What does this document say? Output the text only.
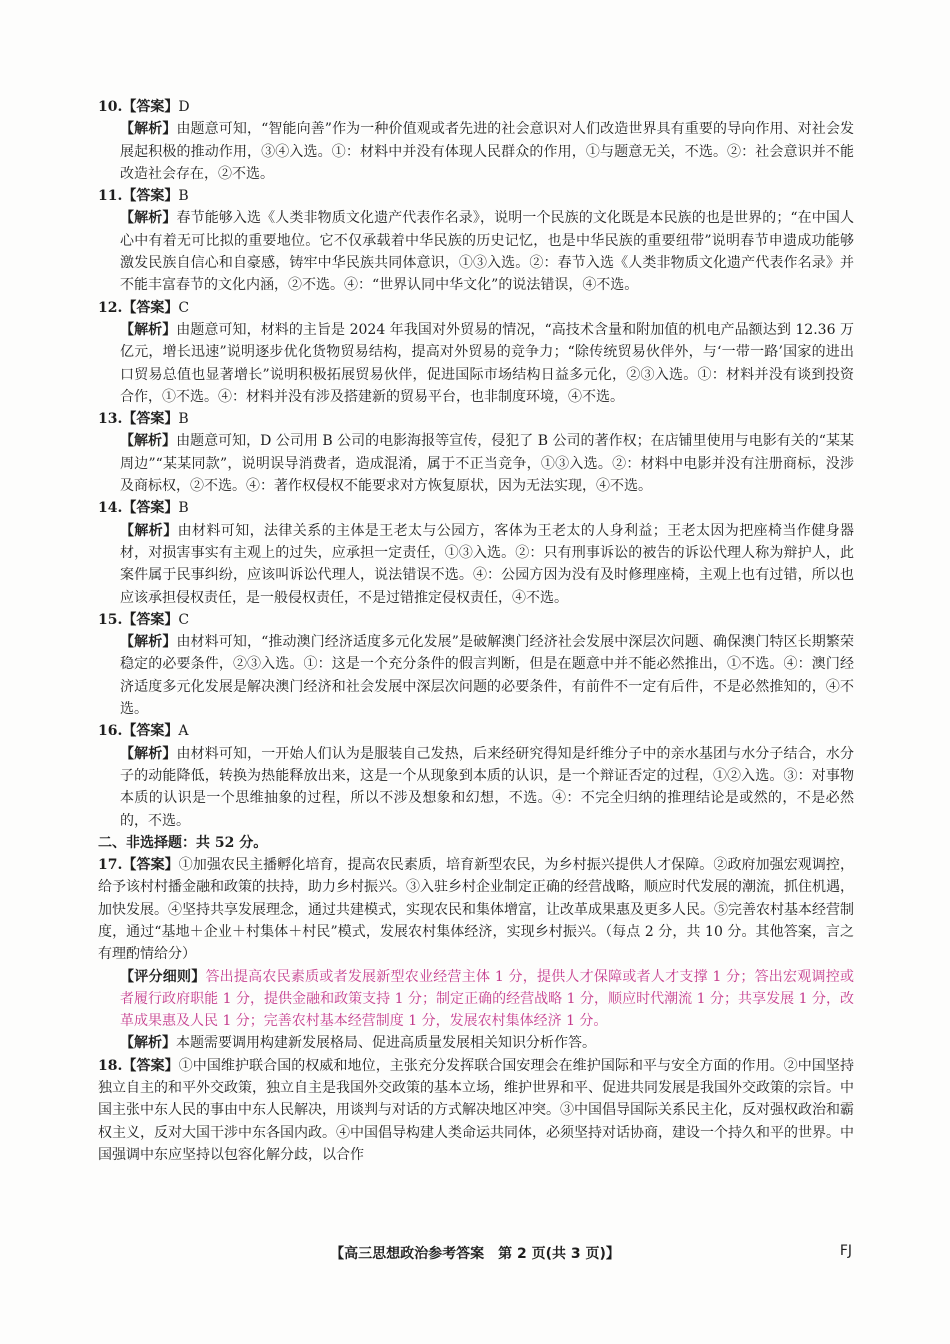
10.【答案】D

【解析】由题意可知，“智能向善”作为一种价值观或者先进的社会意识对人们改造世界具有重要的导向作用、对社会发展起积极的推动作用，③④入选。①：材料中并没有体现人民群众的作用，①与题意无关，不选。②：社会意识并不能改造社会存在，②不选。

11.【答案】B

【解析】春节能够入选《人类非物质文化遗产代表作名录》，说明一个民族的文化既是本民族的也是世界的；“在中国人心中有着无可比拟的重要地位。它不仅承载着中华民族的历史记忆，也是中华民族的重要纽带”说明春节申遗成功能够激发民族自信心和自豪感，铸牢中华民族共同体意识，①③入选。②：春节入选《人类非物质文化遗产代表作名录》并不能丰富春节的文化内涵，②不选。④：“世界认同中华文化”的说法错误，④不选。

12.【答案】C

【解析】由题意可知，材料的主旨是 2024 年我国对外贸易的情况，“高技术含量和附加值的机电产品额达到 12.36 万亿元，增长迅速”说明逐步优化货物贸易结构，提高对外贸易的竞争力；“除传统贸易伙伴外，与‘一带一路’国家的进出口贸易总值也显著增长”说明积极拓展贸易伙伴，促进国际市场结构日益多元化，②③入选。①：材料并没有谈到投资合作，①不选。④：材料并没有涉及搭建新的贸易平台，也非制度环境，④不选。

13.【答案】B

【解析】由题意可知，D 公司用 B 公司的电影海报等宣传，侵犯了 B 公司的著作权；在店铺里使用与电影有关的“某某周边”“某某同款”，说明误导消费者，造成混淆，属于不正当竞争，①③入选。②：材料中电影并没有注册商标，没涉及商标权，②不选。④：著作权侵权不能要求对方恢复原状，因为无法实现，④不选。

14.【答案】B

【解析】由材料可知，法律关系的主体是王老太与公园方，客体为王老太的人身利益；王老太因为把座椅当作健身器材，对损害事实有主观上的过失，应承担一定责任，①③入选。②：只有刑事诉讼的被告的诉讼代理人称为辩护人，此案件属于民事纠纷，应该叫诉讼代理人，说法错误不选。④：公园方因为没有及时修理座椅，主观上也有过错，所以也应该承担侵权责任，是一般侵权责任，不是过错推定侵权责任，④不选。

15.【答案】C

【解析】由材料可知，“推动澳门经济适度多元化发展”是破解澳门经济社会发展中深层次问题、确保澳门特区长期繁荣稳定的必要条件，②③入选。①：这是一个充分条件的假言判断，但是在题意中并不能必然推出，①不选。④：澳门经济适度多元化发展是解决澳门经济和社会发展中深层次问题的必要条件，有前件不一定有后件，不是必然推知的，④不选。

16.【答案】A

【解析】由材料可知，一开始人们认为是服装自己发热，后来经研究得知是纤维分子中的亲水基团与水分子结合，水分子的动能降低，转换为热能释放出来，这是一个从现象到本质的认识，是一个辩证否定的过程，①②入选。③：对事物本质的认识是一个思维抽象的过程，所以不涉及想象和幻想，不选。④：不完全归纳的推理结论是或然的，不是必然的，不选。

二、非选择题：共 52 分。

17.【答案】①加强农民主播孵化培育，提高农民素质，培育新型农民，为乡村振兴提供人才保障。②政府加强宏观调控，给予该村村播金融和政策的扶持，助力乡村振兴。③入驻乡村企业制定正确的经营战略，顺应时代发展的潮流，抓住机遇，加快发展。④坚持共享发展理念，通过共建模式，实现农民和集体增富，让改革成果惠及更多人民。⑤完善农村基本经营制度，通过“基地＋企业＋村集体＋村民”模式，发展农村集体经济，实现乡村振兴。（每点 2 分，共 10 分。其他答案，言之有理酌情给分）

【评分细则】答出提高农民素质或者发展新型农业经营主体 1 分，提供人才保障或者人才支撑 1 分；答出宏观调控或者履行政府职能 1 分，提供金融和政策支持 1 分；制定正确的经营战略 1 分，顺应时代潮流 1 分；共享发展 1 分，改革成果惠及人民 1 分；完善农村基本经营制度 1 分，发展农村集体经济 1 分。

【解析】本题需要调用构建新发展格局、促进高质量发展相关知识分析作答。

18.【答案】①中国维护联合国的权威和地位，主张充分发挥联合国安理会在维护国际和平与安全方面的作用。②中国坚持独立自主的和平外交政策，独立自主是我国外交政策的基本立场，维护世界和平、促进共同发展是我国外交政策的宗旨。中国主张中东人民的事由中东人民解决，用谈判与对话的方式解决地区冲突。③中国倡导国际关系民主化，反对强权政治和霸权主义，反对大国干涉中东各国内政。④中国倡导构建人类命运共同体，必须坚持对话协商，建设一个持久和平的世界。中国强调中东应坚持以包容化解分歧，以合作

【高三思想政治参考答案　第 2 页(共 3 页)】	FJ
